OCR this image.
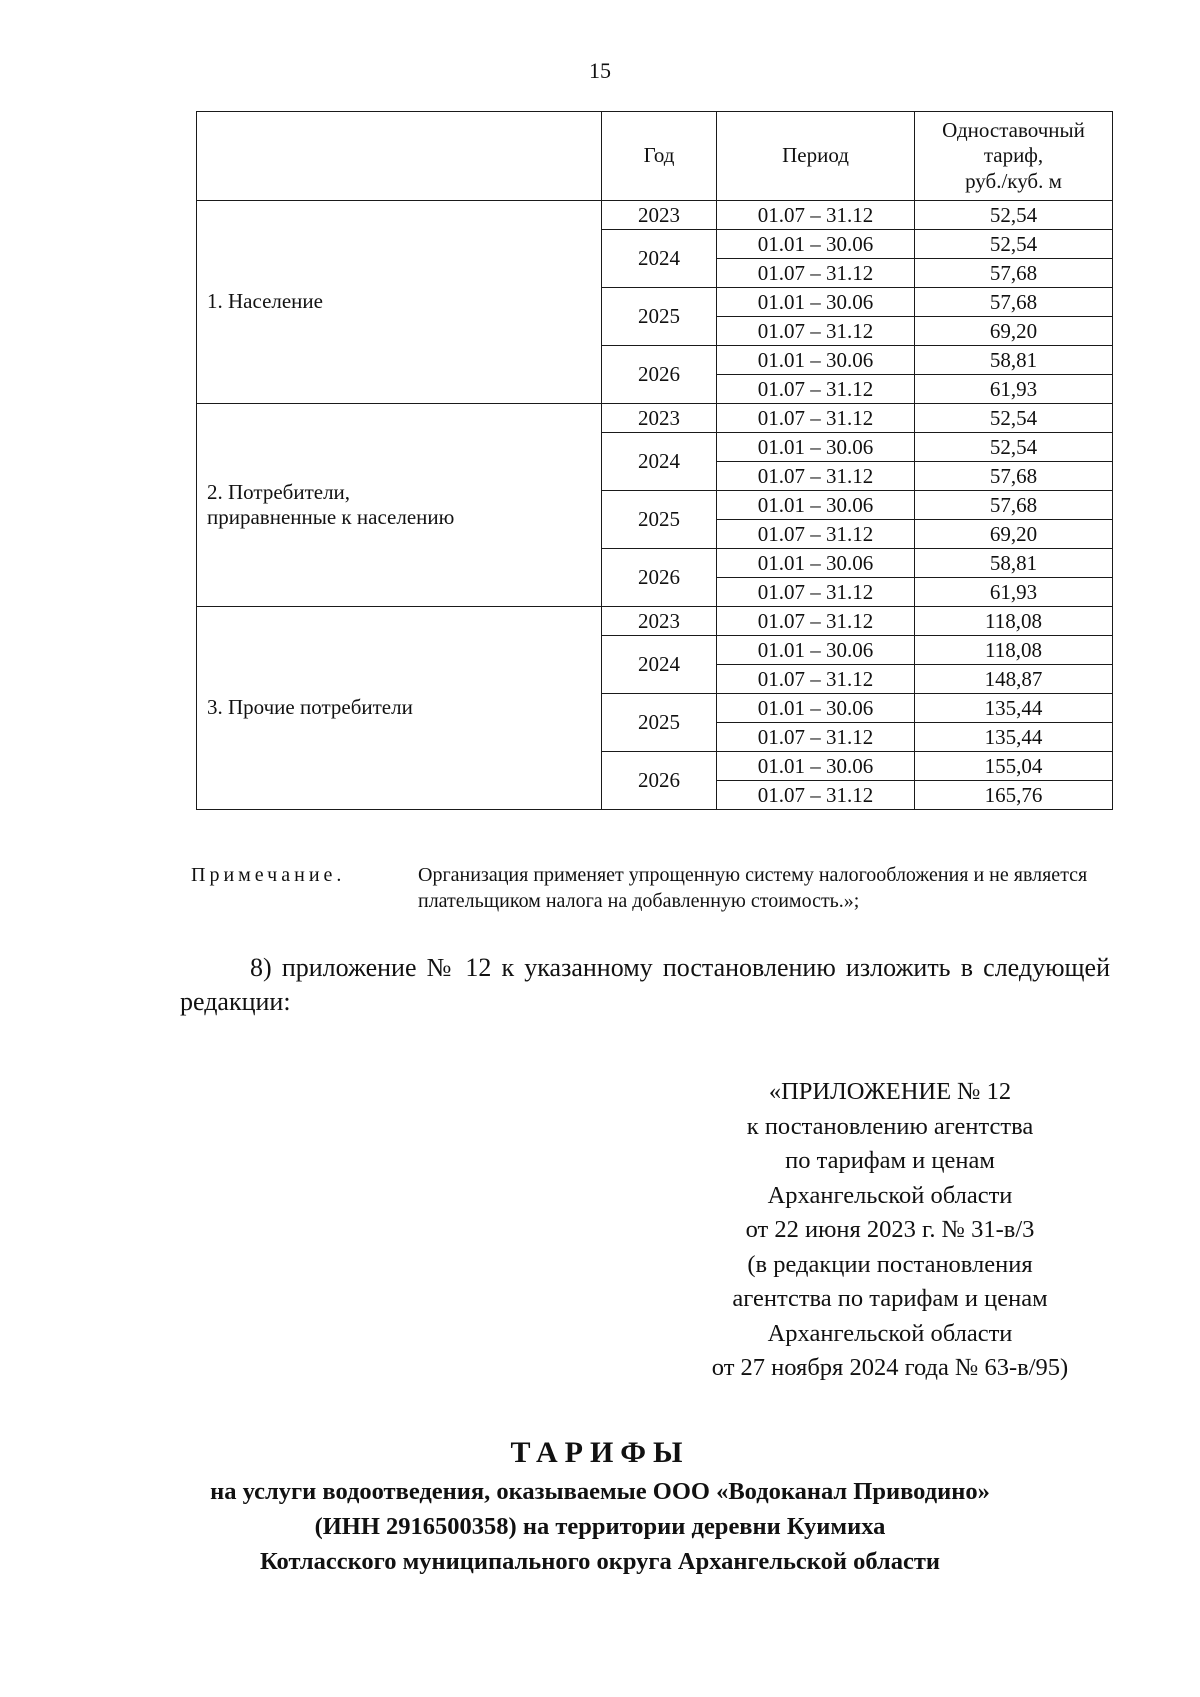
15
	Год	Период	Одноставочный
тариф,
руб./куб. м

1. Население	2023	01.07 – 31.12	52,54
	2024	01.01 – 30.06	52,54
		01.07 – 31.12	57,68
	2025	01.01 – 30.06	57,68
		01.07 – 31.12	69,20
	2026	01.01 – 30.06	58,81
		01.07 – 31.12	61,93

2. Потребители,
приравненные к населению	2023	01.07 – 31.12	52,54
	2024	01.01 – 30.06	52,54
		01.07 – 31.12	57,68
	2025	01.01 – 30.06	57,68
		01.07 – 31.12	69,20
	2026	01.01 – 30.06	58,81
		01.07 – 31.12	61,93

3. Прочие потребители	2023	01.07 – 31.12	118,08
	2024	01.01 – 30.06	118,08
		01.07 – 31.12	148,87
	2025	01.01 – 30.06	135,44
		01.07 – 31.12	135,44
	2026	01.01 – 30.06	155,04
		01.07 – 31.12	165,76
Примечание.	Организация применяет упрощенную систему налогообложения и не является плательщиком налога на добавленную стоимость.»;
8) приложение № 12 к указанному постановлению изложить в следующей редакции:
«ПРИЛОЖЕНИЕ № 12
к постановлению агентства
по тарифам и ценам
Архангельской области
от 22 июня 2023 г. № 31-в/3
(в редакции постановления
агентства по тарифам и ценам
Архангельской области
от 27 ноября 2024 года № 63-в/95)
ТАРИФЫ
на услуги водоотведения, оказываемые ООО «Водоканал Приводино»
(ИНН 2916500358) на территории деревни Куимиха
Котласского муниципального округа Архангельской области
